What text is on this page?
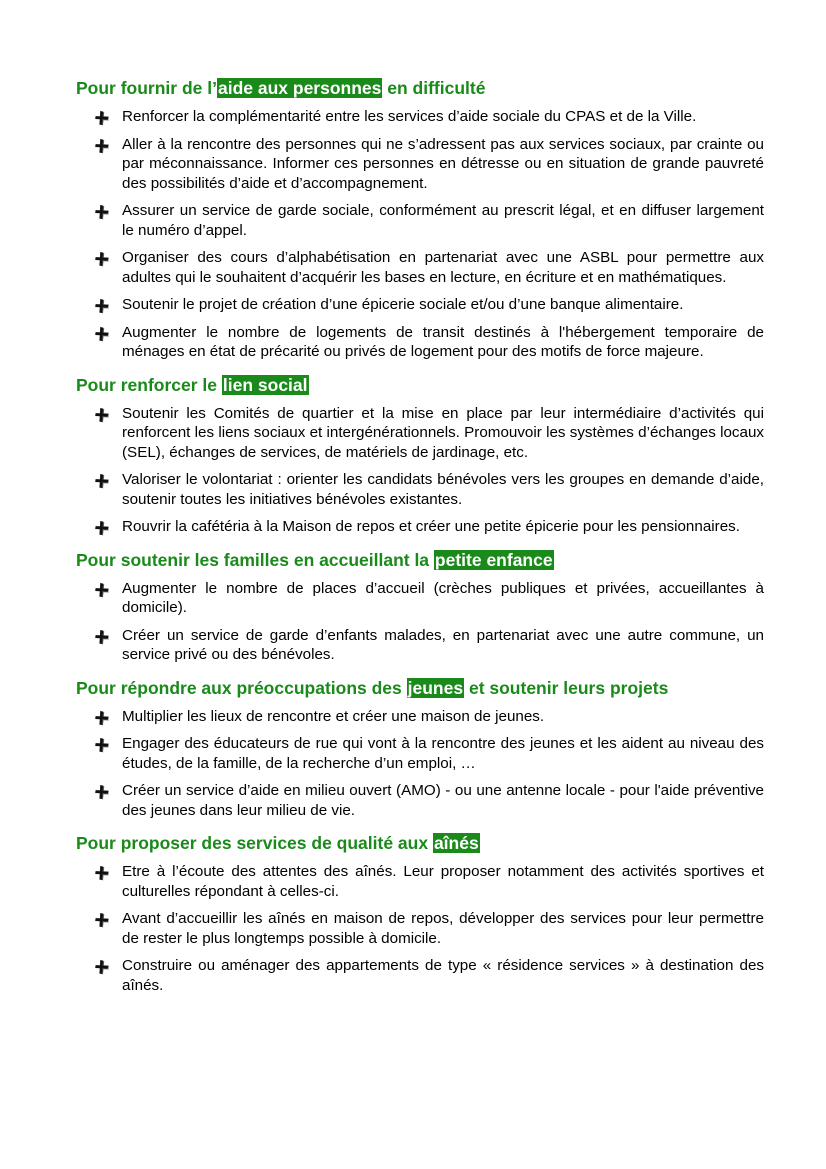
Pour fournir de l’aide aux personnes en difficulté
Renforcer la complémentarité entre les services d’aide sociale du CPAS et de la Ville.
Aller à la rencontre des personnes qui ne s’adressent pas aux services sociaux, par crainte ou par méconnaissance. Informer ces personnes en détresse ou en situation de grande pauvreté des possibilités d’aide et d’accompagnement.
Assurer un service de garde sociale, conformément au prescrit légal, et en diffuser largement le numéro d’appel.
Organiser des cours d’alphabétisation en partenariat avec une ASBL pour permettre aux adultes qui le souhaitent d’acquérir les bases en lecture, en écriture et en mathématiques.
Soutenir le projet de création d’une épicerie sociale et/ou d’une banque alimentaire.
Augmenter le nombre de logements de transit destinés à l'hébergement temporaire de ménages en état de précarité ou privés de logement pour des motifs de force majeure.
Pour renforcer le lien social
Soutenir les Comités de quartier et la mise en place par leur intermédiaire d’activités qui renforcent les liens sociaux et intergénérationnels. Promouvoir les systèmes d’échanges locaux (SEL), échanges de services, de matériels de jardinage, etc.
Valoriser le volontariat : orienter les candidats bénévoles vers les groupes en demande d’aide, soutenir toutes les initiatives bénévoles existantes.
Rouvrir la cafétéria à la Maison de repos et créer une petite épicerie pour les pensionnaires.
Pour soutenir les familles en accueillant la petite enfance
Augmenter le nombre de places d’accueil (crèches publiques et privées, accueillantes à domicile).
Créer un service de garde d’enfants malades, en partenariat avec une autre commune, un service privé ou des bénévoles.
Pour répondre aux préoccupations des jeunes et soutenir leurs projets
Multiplier les lieux de rencontre et créer une maison de jeunes.
Engager des éducateurs de rue qui vont à la rencontre des jeunes et les aident au niveau des études, de la famille, de la recherche d’un emploi, …
Créer un service d’aide en milieu ouvert (AMO) - ou une antenne locale - pour l'aide préventive des jeunes dans leur milieu de vie.
Pour proposer des services de qualité aux aînés
Etre à l’écoute des attentes des aînés. Leur proposer notamment des activités sportives et culturelles répondant à celles-ci.
Avant d’accueillir les aînés en maison de repos, développer des services pour leur permettre de rester le plus longtemps possible à domicile.
Construire ou aménager des appartements de type « résidence services » à destination des aînés.
